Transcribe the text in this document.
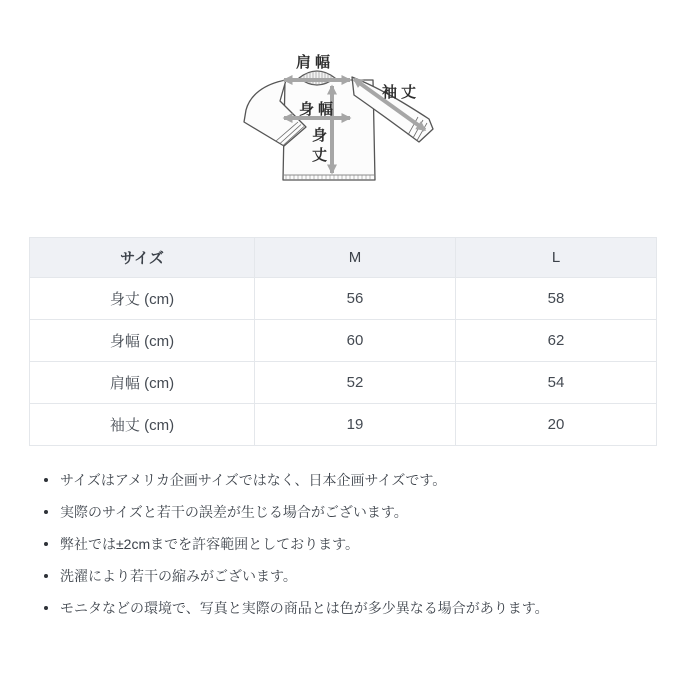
肩幅
袖丈
身幅
身丈
サイズ	M	L
身丈 (cm)	56	58
身幅 (cm)	60	62
肩幅 (cm)	52	54
袖丈 (cm)	19	20
サイズはアメリカ企画サイズではなく、日本企画サイズです。
実際のサイズと若干の誤差が生じる場合がございます。
弊社では±2cmまでを許容範囲としております。
洗濯により若干の縮みがございます。
モニタなどの環境で、写真と実際の商品とは色が多少異なる場合があります。
